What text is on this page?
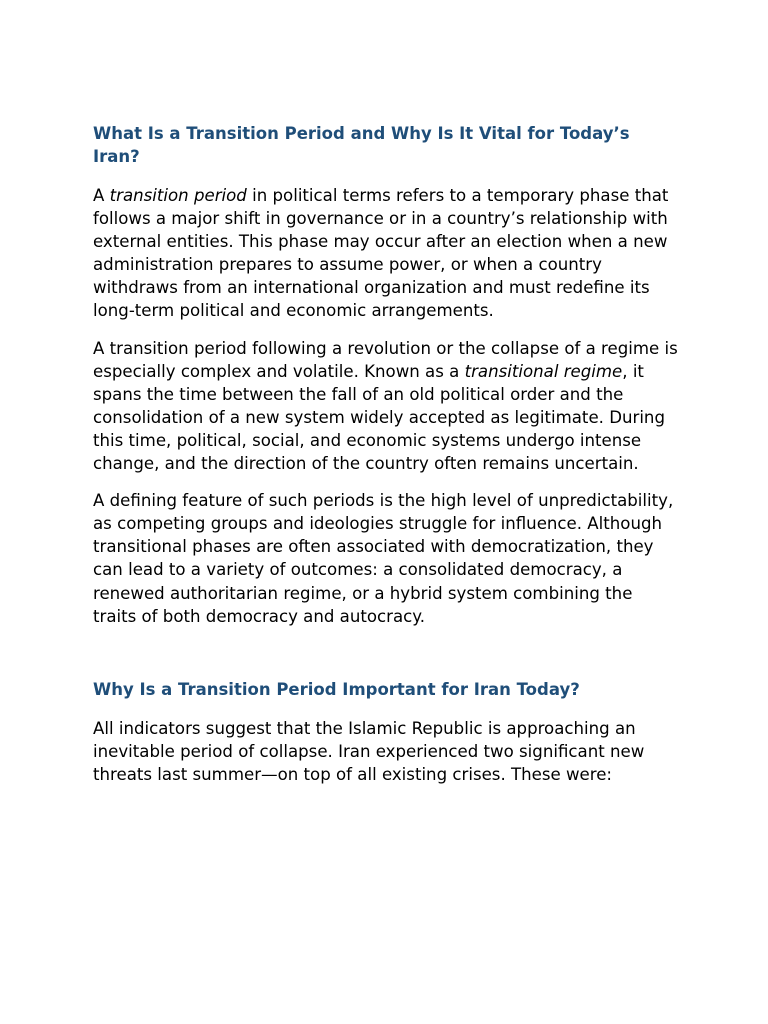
What Is a Transition Period and Why Is It Vital for Today’s Iran?

A transition period in political terms refers to a temporary phase that follows a major shift in governance or in a country’s relationship with external entities. This phase may occur after an election when a new administration prepares to assume power, or when a country withdraws from an international organization and must redefine its long-term political and economic arrangements.

A transition period following a revolution or the collapse of a regime is especially complex and volatile. Known as a transitional regime, it spans the time between the fall of an old political order and the consolidation of a new system widely accepted as legitimate. During this time, political, social, and economic systems undergo intense change, and the direction of the country often remains uncertain.

A defining feature of such periods is the high level of unpredictability, as competing groups and ideologies struggle for influence. Although transitional phases are often associated with democratization, they can lead to a variety of outcomes: a consolidated democracy, a renewed authoritarian regime, or a hybrid system combining the traits of both democracy and autocracy.

Why Is a Transition Period Important for Iran Today?

All indicators suggest that the Islamic Republic is approaching an inevitable period of collapse. Iran experienced two significant new threats last summer—on top of all existing crises. These were:
